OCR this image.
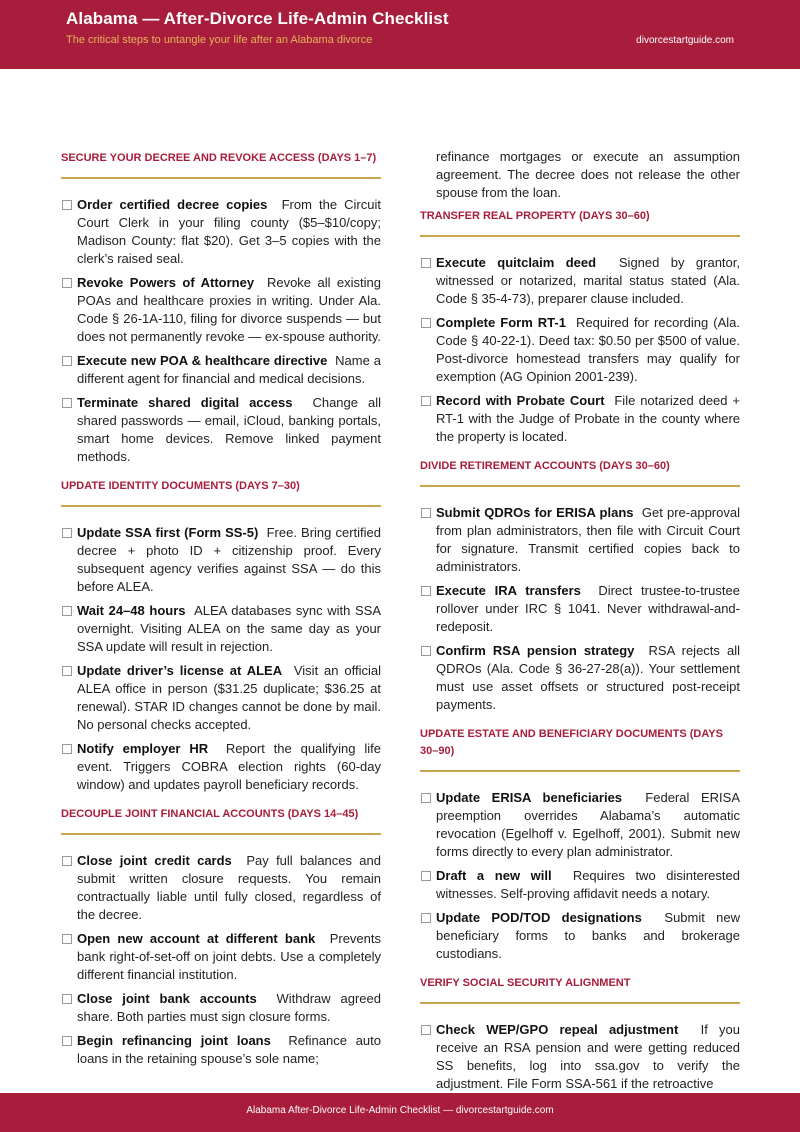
Alabama — After-Divorce Life-Admin Checklist
The critical steps to untangle your life after an Alabama divorce	divorcestartguide.com
SECURE YOUR DECREE AND REVOKE ACCESS (DAYS 1–7)
Order certified decree copies From the Circuit Court Clerk in your filing county ($5–$10/copy; Madison County: flat $20). Get 3–5 copies with the clerk’s raised seal.
Revoke Powers of Attorney Revoke all existing POAs and healthcare proxies in writing. Under Ala. Code § 26-1A-110, filing for divorce suspends — but does not permanently revoke — ex-spouse authority.
Execute new POA & healthcare directive Name a different agent for financial and medical decisions.
Terminate shared digital access Change all shared passwords — email, iCloud, banking portals, smart home devices. Remove linked payment methods.
UPDATE IDENTITY DOCUMENTS (DAYS 7–30)
Update SSA first (Form SS-5) Free. Bring certified decree + photo ID + citizenship proof. Every subsequent agency verifies against SSA — do this before ALEA.
Wait 24–48 hours ALEA databases sync with SSA overnight. Visiting ALEA on the same day as your SSA update will result in rejection.
Update driver’s license at ALEA Visit an official ALEA office in person ($31.25 duplicate; $36.25 at renewal). STAR ID changes cannot be done by mail. No personal checks accepted.
Notify employer HR Report the qualifying life event. Triggers COBRA election rights (60-day window) and updates payroll beneficiary records.
DECOUPLE JOINT FINANCIAL ACCOUNTS (DAYS 14–45)
Close joint credit cards Pay full balances and submit written closure requests. You remain contractually liable until fully closed, regardless of the decree.
Open new account at different bank Prevents bank right-of-set-off on joint debts. Use a completely different financial institution.
Close joint bank accounts Withdraw agreed share. Both parties must sign closure forms.
Begin refinancing joint loans Refinance auto loans in the retaining spouse’s sole name;
refinance mortgages or execute an assumption agreement. The decree does not release the other spouse from the loan.
TRANSFER REAL PROPERTY (DAYS 30–60)
Execute quitclaim deed Signed by grantor, witnessed or notarized, marital status stated (Ala. Code § 35-4-73), preparer clause included.
Complete Form RT-1 Required for recording (Ala. Code § 40-22-1). Deed tax: $0.50 per $500 of value. Post-divorce homestead transfers may qualify for exemption (AG Opinion 2001-239).
Record with Probate Court File notarized deed + RT-1 with the Judge of Probate in the county where the property is located.
DIVIDE RETIREMENT ACCOUNTS (DAYS 30–60)
Submit QDROs for ERISA plans Get pre-approval from plan administrators, then file with Circuit Court for signature. Transmit certified copies back to administrators.
Execute IRA transfers Direct trustee-to-trustee rollover under IRC § 1041. Never withdrawal-and-redeposit.
Confirm RSA pension strategy RSA rejects all QDROs (Ala. Code § 36-27-28(a)). Your settlement must use asset offsets or structured post-receipt payments.
UPDATE ESTATE AND BENEFICIARY DOCUMENTS (DAYS 30–90)
Update ERISA beneficiaries Federal ERISA preemption overrides Alabama’s automatic revocation (Egelhoff v. Egelhoff, 2001). Submit new forms directly to every plan administrator.
Draft a new will Requires two disinterested witnesses. Self-proving affidavit needs a notary.
Update POD/TOD designations Submit new beneficiary forms to banks and brokerage custodians.
VERIFY SOCIAL SECURITY ALIGNMENT
Check WEP/GPO repeal adjustment If you receive an RSA pension and were getting reduced SS benefits, log into ssa.gov to verify the adjustment. File Form SSA-561 if the retroactive
Alabama After-Divorce Life-Admin Checklist — divorcestartguide.com
